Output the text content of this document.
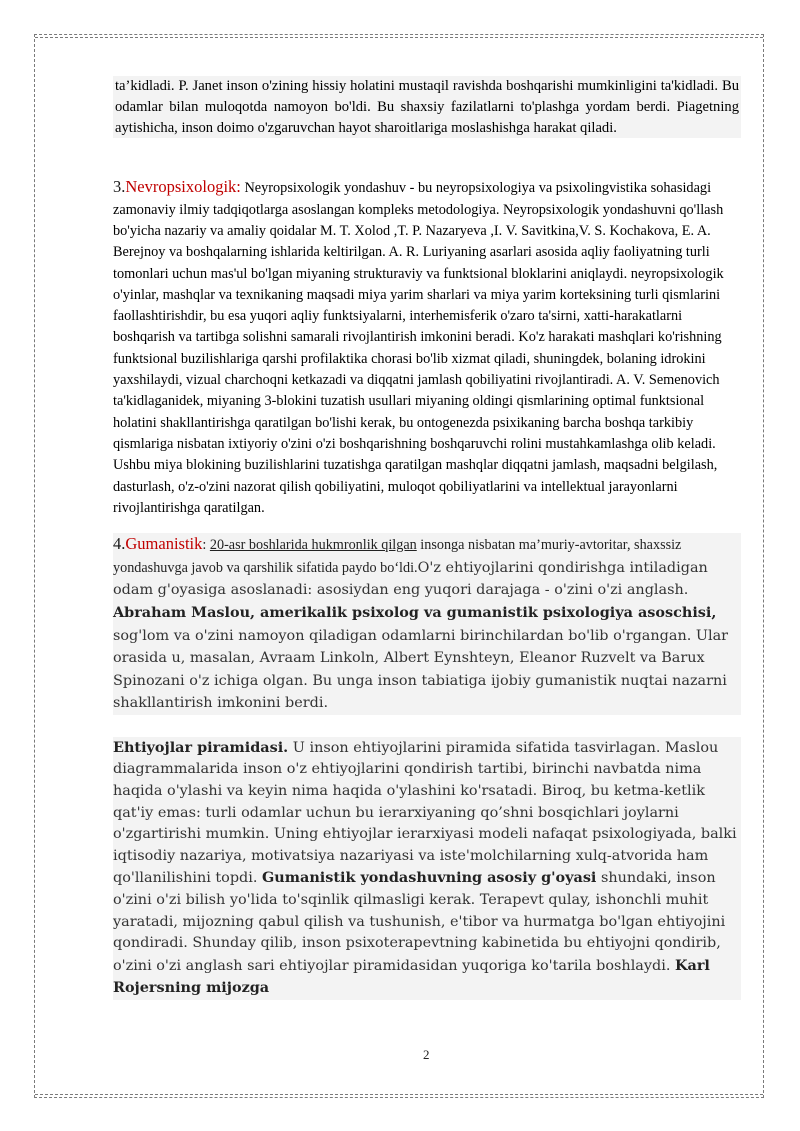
ta’kidladi. P. Janet inson o'zining hissiy holatini mustaqil ravishda boshqarishi mumkinligini ta'kidladi. Bu odamlar bilan muloqotda namoyon bo'ldi. Bu shaxsiy fazilatlarni to'plashga yordam berdi. Piagetning aytishicha, inson doimo o'zgaruvchan hayot sharoitlariga moslashishga harakat qiladi.

3.Nevropsixologik: Neyropsixologik yondashuv - bu neyropsixologiya va psixolingvistika sohasidagi zamonaviy ilmiy tadqiqotlarga asoslangan kompleks metodologiya. Neyropsixologik yondashuvni qo'llash bo'yicha nazariy va amaliy qoidalar M. T. Xolod ,T. P. Nazaryeva ,I. V. Savitkina,V. S. Kochakova, E. A. Berejnoy va boshqalarning ishlarida keltirilgan. A. R. Luriyaning asarlari asosida aqliy faoliyatning turli tomonlari uchun mas'ul bo'lgan miyaning strukturaviy va funktsional bloklarini aniqlaydi. neyropsixologik o'yinlar, mashqlar va texnikaning maqsadi miya yarim sharlari va miya yarim korteksining turli qismlarini faollashtirishdir, bu esa yuqori aqliy funktsiyalarni, interhemisferik o'zaro ta'sirni, xatti-harakatlarni boshqarish va tartibga solishni samarali rivojlantirish imkonini beradi. Ko'z harakati mashqlari ko'rishning funktsional buzilishlariga qarshi profilaktika chorasi bo'lib xizmat qiladi, shuningdek, bolaning idrokini yaxshilaydi, vizual charchoqni ketkazadi va diqqatni jamlash qobiliyatini rivojlantiradi. A. V. Semenovich ta'kidlaganidek, miyaning 3-blokini tuzatish usullari miyaning oldingi qismlarining optimal funktsional holatini shakllantirishga qaratilgan bo'lishi kerak, bu ontogenezda psixikaning barcha boshqa tarkibiy qismlariga nisbatan ixtiyoriy o'zini o'zi boshqarishning boshqaruvchi rolini mustahkamlashga olib keladi. Ushbu miya blokining buzilishlarini tuzatishga qaratilgan mashqlar diqqatni jamlash, maqsadni belgilash, dasturlash, o'z-o'zini nazorat qilish qobiliyatini, muloqot qobiliyatlarini va intellektual jarayonlarni rivojlantirishga qaratilgan.

4.Gumanistik: 20-asr boshlarida hukmronlik qilgan insonga nisbatan ma’muriy-avtoritar, shaxssiz yondashuvga javob va qarshilik sifatida paydo bo‘ldi.O'z ehtiyojlarini qondirishga intiladigan odam g'oyasiga asoslanadi: asosiydan eng yuqori darajaga - o'zini o'zi anglash. Abraham Maslou, amerikalik psixolog va gumanistik psixologiya asoschisi, sog'lom va o'zini namoyon qiladigan odamlarni birinchilardan bo'lib o'rgangan. Ular orasida u, masalan, Avraam Linkoln, Albert Eynshteyn, Eleanor Ruzvelt va Barux Spinozani o'z ichiga olgan. Bu unga inson tabiatiga ijobiy gumanistik nuqtai nazarni shakllantirish imkonini berdi.

Ehtiyojlar piramidasi. U inson ehtiyojlarini piramida sifatida tasvirlagan. Maslou diagrammalarida inson o'z ehtiyojlarini qondirish tartibi, birinchi navbatda nima haqida o'ylashi va keyin nima haqida o'ylashini ko'rsatadi. Biroq, bu ketma-ketlik qat'iy emas: turli odamlar uchun bu ierarxiyaning qo’shni bosqichlari joylarni o'zgartirishi mumkin. Uning ehtiyojlar ierarxiyasi modeli nafaqat psixologiyada, balki iqtisodiy nazariya, motivatsiya nazariyasi va iste'molchilarning xulq-atvorida ham qo'llanilishini topdi. Gumanistik yondashuvning asosiy g'oyasi shundaki, inson o'zini o'zi bilish yo'lida to'sqinlik qilmasligi kerak. Terapevt qulay, ishonchli muhit yaratadi, mijozning qabul qilish va tushunish, e'tibor va hurmatga bo'lgan ehtiyojini qondiradi. Shunday qilib, inson psixoterapevtning kabinetida bu ehtiyojni qondirib, o'zini o'zi anglash sari ehtiyojlar piramidasidan yuqoriga ko'tarila boshlaydi. Karl Rojersning mijozga

2
